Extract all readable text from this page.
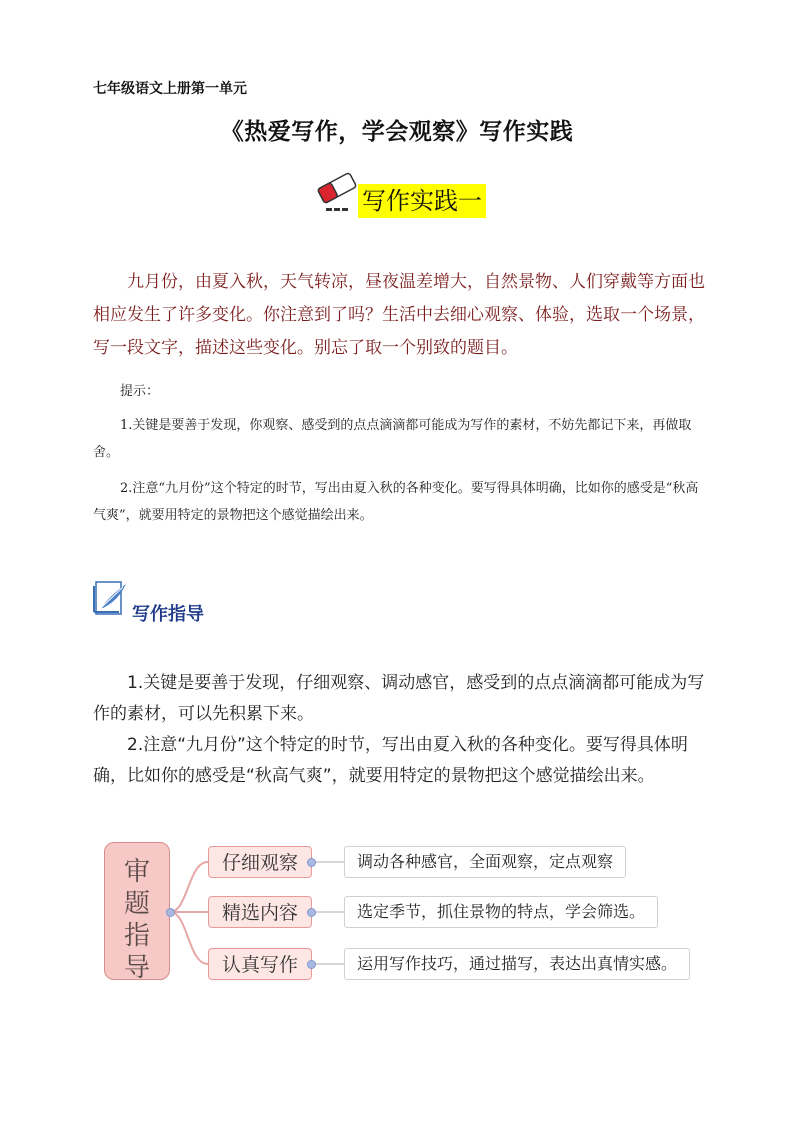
七年级语文上册第一单元
《热爱写作，学会观察》写作实践
写作实践一
九月份，由夏入秋，天气转凉，昼夜温差增大，自然景物、人们穿戴等方面也相应发生了许多变化。你注意到了吗？生活中去细心观察、体验，选取一个场景，写一段文字，描述这些变化。别忘了取一个别致的题目。
提示：
1.关键是要善于发现，你观察、感受到的点点滴滴都可能成为写作的素材，不妨先都记下来，再做取舍。
2.注意“九月份”这个特定的时节，写出由夏入秋的各种变化。要写得具体明确，比如你的感受是“秋高气爽”，就要用特定的景物把这个感觉描绘出来。
写作指导

1.关键是要善于发现，仔细观察、调动感官，感受到的点点滴滴都可能成为写作的素材，可以先积累下来。

2.注意“九月份”这个特定的时节，写出由夏入秋的各种变化。要写得具体明确，比如你的感受是“秋高气爽”，就要用特定的景物把这个感觉描绘出来。

审
题
指
导
仔细观察	调动各种感官，全面观察，定点观察
精选内容	选定季节，抓住景物的特点，学会筛选。
认真写作	运用写作技巧，通过描写，表达出真情实感。
